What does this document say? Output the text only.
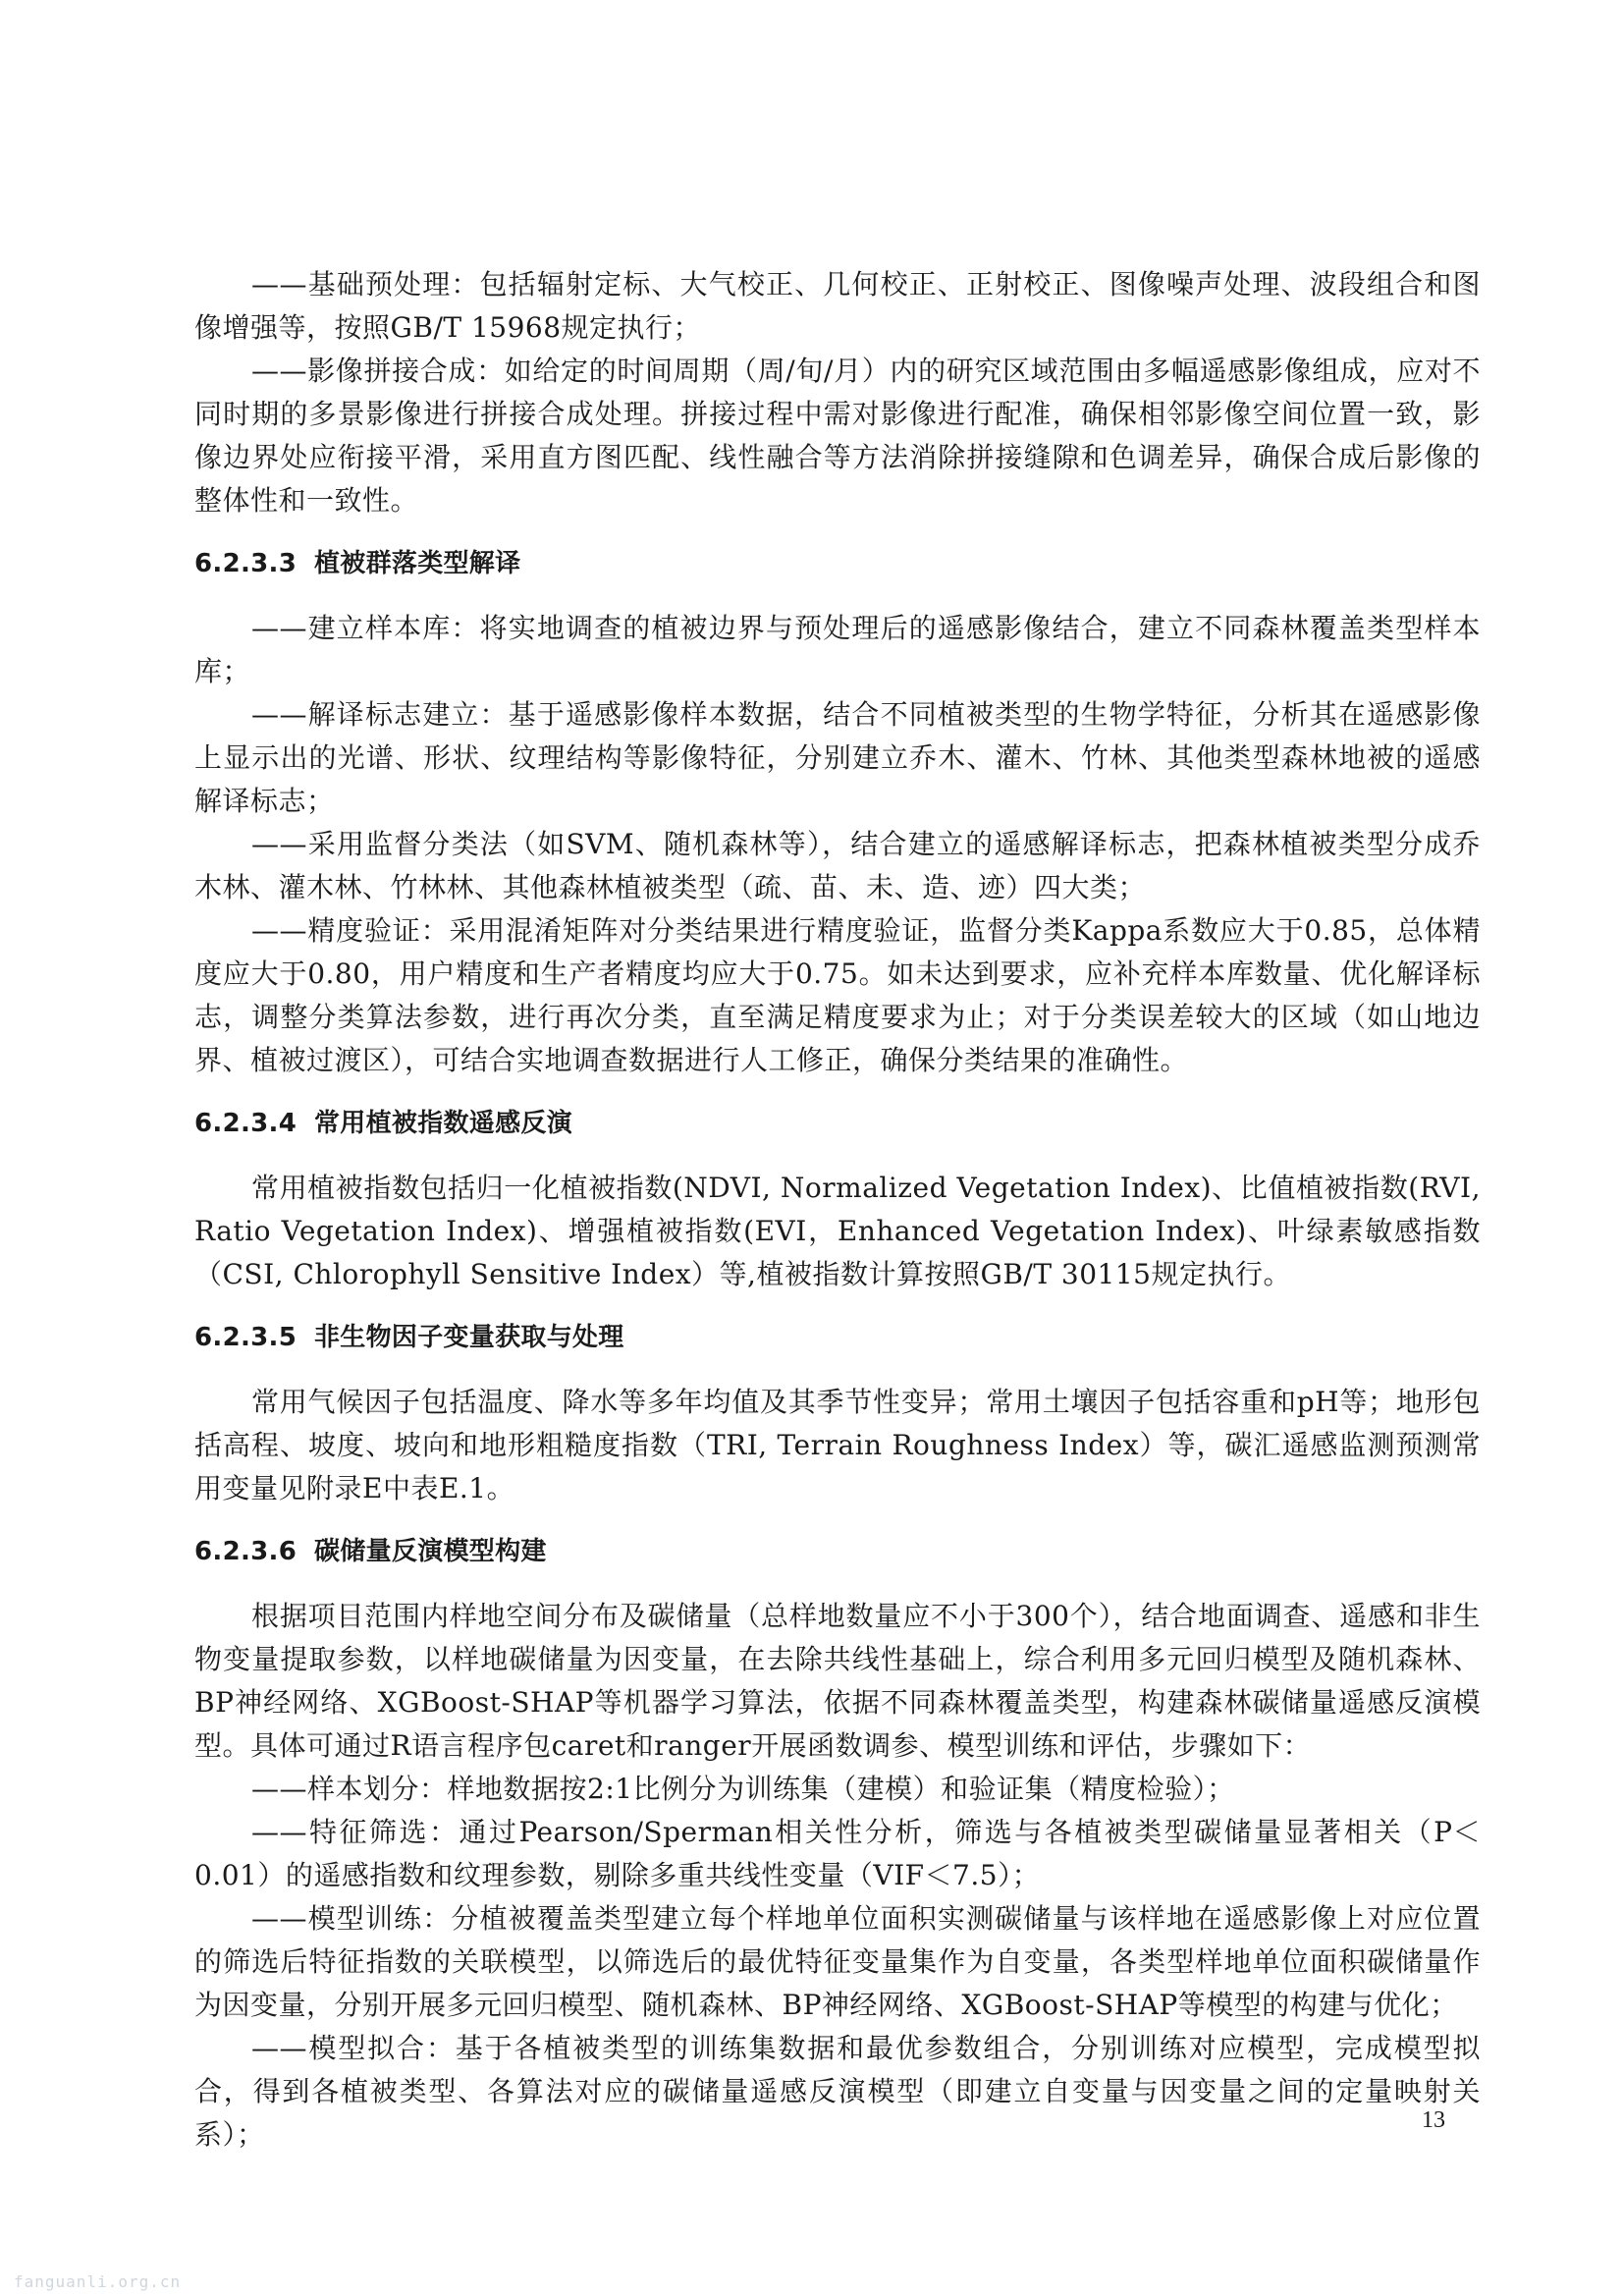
——基础预处理：包括辐射定标、大气校正、几何校正、正射校正、图像噪声处理、波段组合和图像增强等，按照GB/T 15968规定执行；

——影像拼接合成：如给定的时间周期（周/旬/月）内的研究区域范围由多幅遥感影像组成，应对不同时期的多景影像进行拼接合成处理。拼接过程中需对影像进行配准，确保相邻影像空间位置一致，影像边界处应衔接平滑，采用直方图匹配、线性融合等方法消除拼接缝隙和色调差异，确保合成后影像的整体性和一致性。

6.2.3.3 植被群落类型解译

——建立样本库：将实地调查的植被边界与预处理后的遥感影像结合，建立不同森林覆盖类型样本库；

——解译标志建立：基于遥感影像样本数据，结合不同植被类型的生物学特征，分析其在遥感影像上显示出的光谱、形状、纹理结构等影像特征，分别建立乔木、灌木、竹林、其他类型森林地被的遥感解译标志；

——采用监督分类法（如SVM、随机森林等），结合建立的遥感解译标志，把森林植被类型分成乔木林、灌木林、竹林林、其他森林植被类型（疏、苗、未、造、迹）四大类；

——精度验证：采用混淆矩阵对分类结果进行精度验证，监督分类Kappa系数应大于0.85，总体精度应大于0.80，用户精度和生产者精度均应大于0.75。如未达到要求，应补充样本库数量、优化解译标志，调整分类算法参数，进行再次分类，直至满足精度要求为止；对于分类误差较大的区域（如山地边界、植被过渡区），可结合实地调查数据进行人工修正，确保分类结果的准确性。

6.2.3.4 常用植被指数遥感反演

常用植被指数包括归一化植被指数(NDVI, Normalized Vegetation Index)、比值植被指数(RVI, Ratio Vegetation Index)、增强植被指数(EVI，Enhanced Vegetation Index)、叶绿素敏感指数（CSI, Chlorophyll Sensitive Index）等,植被指数计算按照GB/T 30115规定执行。

6.2.3.5 非生物因子变量获取与处理

常用气候因子包括温度、降水等多年均值及其季节性变异；常用土壤因子包括容重和pH等；地形包括高程、坡度、坡向和地形粗糙度指数（TRI, Terrain Roughness Index）等，碳汇遥感监测预测常用变量见附录E中表E.1。

6.2.3.6 碳储量反演模型构建

根据项目范围内样地空间分布及碳储量（总样地数量应不小于300个），结合地面调查、遥感和非生物变量提取参数，以样地碳储量为因变量，在去除共线性基础上，综合利用多元回归模型及随机森林、BP神经网络、XGBoost-SHAP等机器学习算法，依据不同森林覆盖类型，构建森林碳储量遥感反演模型。具体可通过R语言程序包caret和ranger开展函数调参、模型训练和评估，步骤如下：

——样本划分：样地数据按2:1比例分为训练集（建模）和验证集（精度检验）；

——特征筛选：通过Pearson/Sperman相关性分析，筛选与各植被类型碳储量显著相关（P＜0.01）的遥感指数和纹理参数，剔除多重共线性变量（VIF＜7.5）；

——模型训练：分植被覆盖类型建立每个样地单位面积实测碳储量与该样地在遥感影像上对应位置的筛选后特征指数的关联模型，以筛选后的最优特征变量集作为自变量，各类型样地单位面积碳储量作为因变量，分别开展多元回归模型、随机森林、BP神经网络、XGBoost-SHAP等模型的构建与优化；

——模型拟合：基于各植被类型的训练集数据和最优参数组合，分别训练对应模型，完成模型拟合，得到各植被类型、各算法对应的碳储量遥感反演模型（即建立自变量与因变量之间的定量映射关系）；	13
fanguanli.org.cn
